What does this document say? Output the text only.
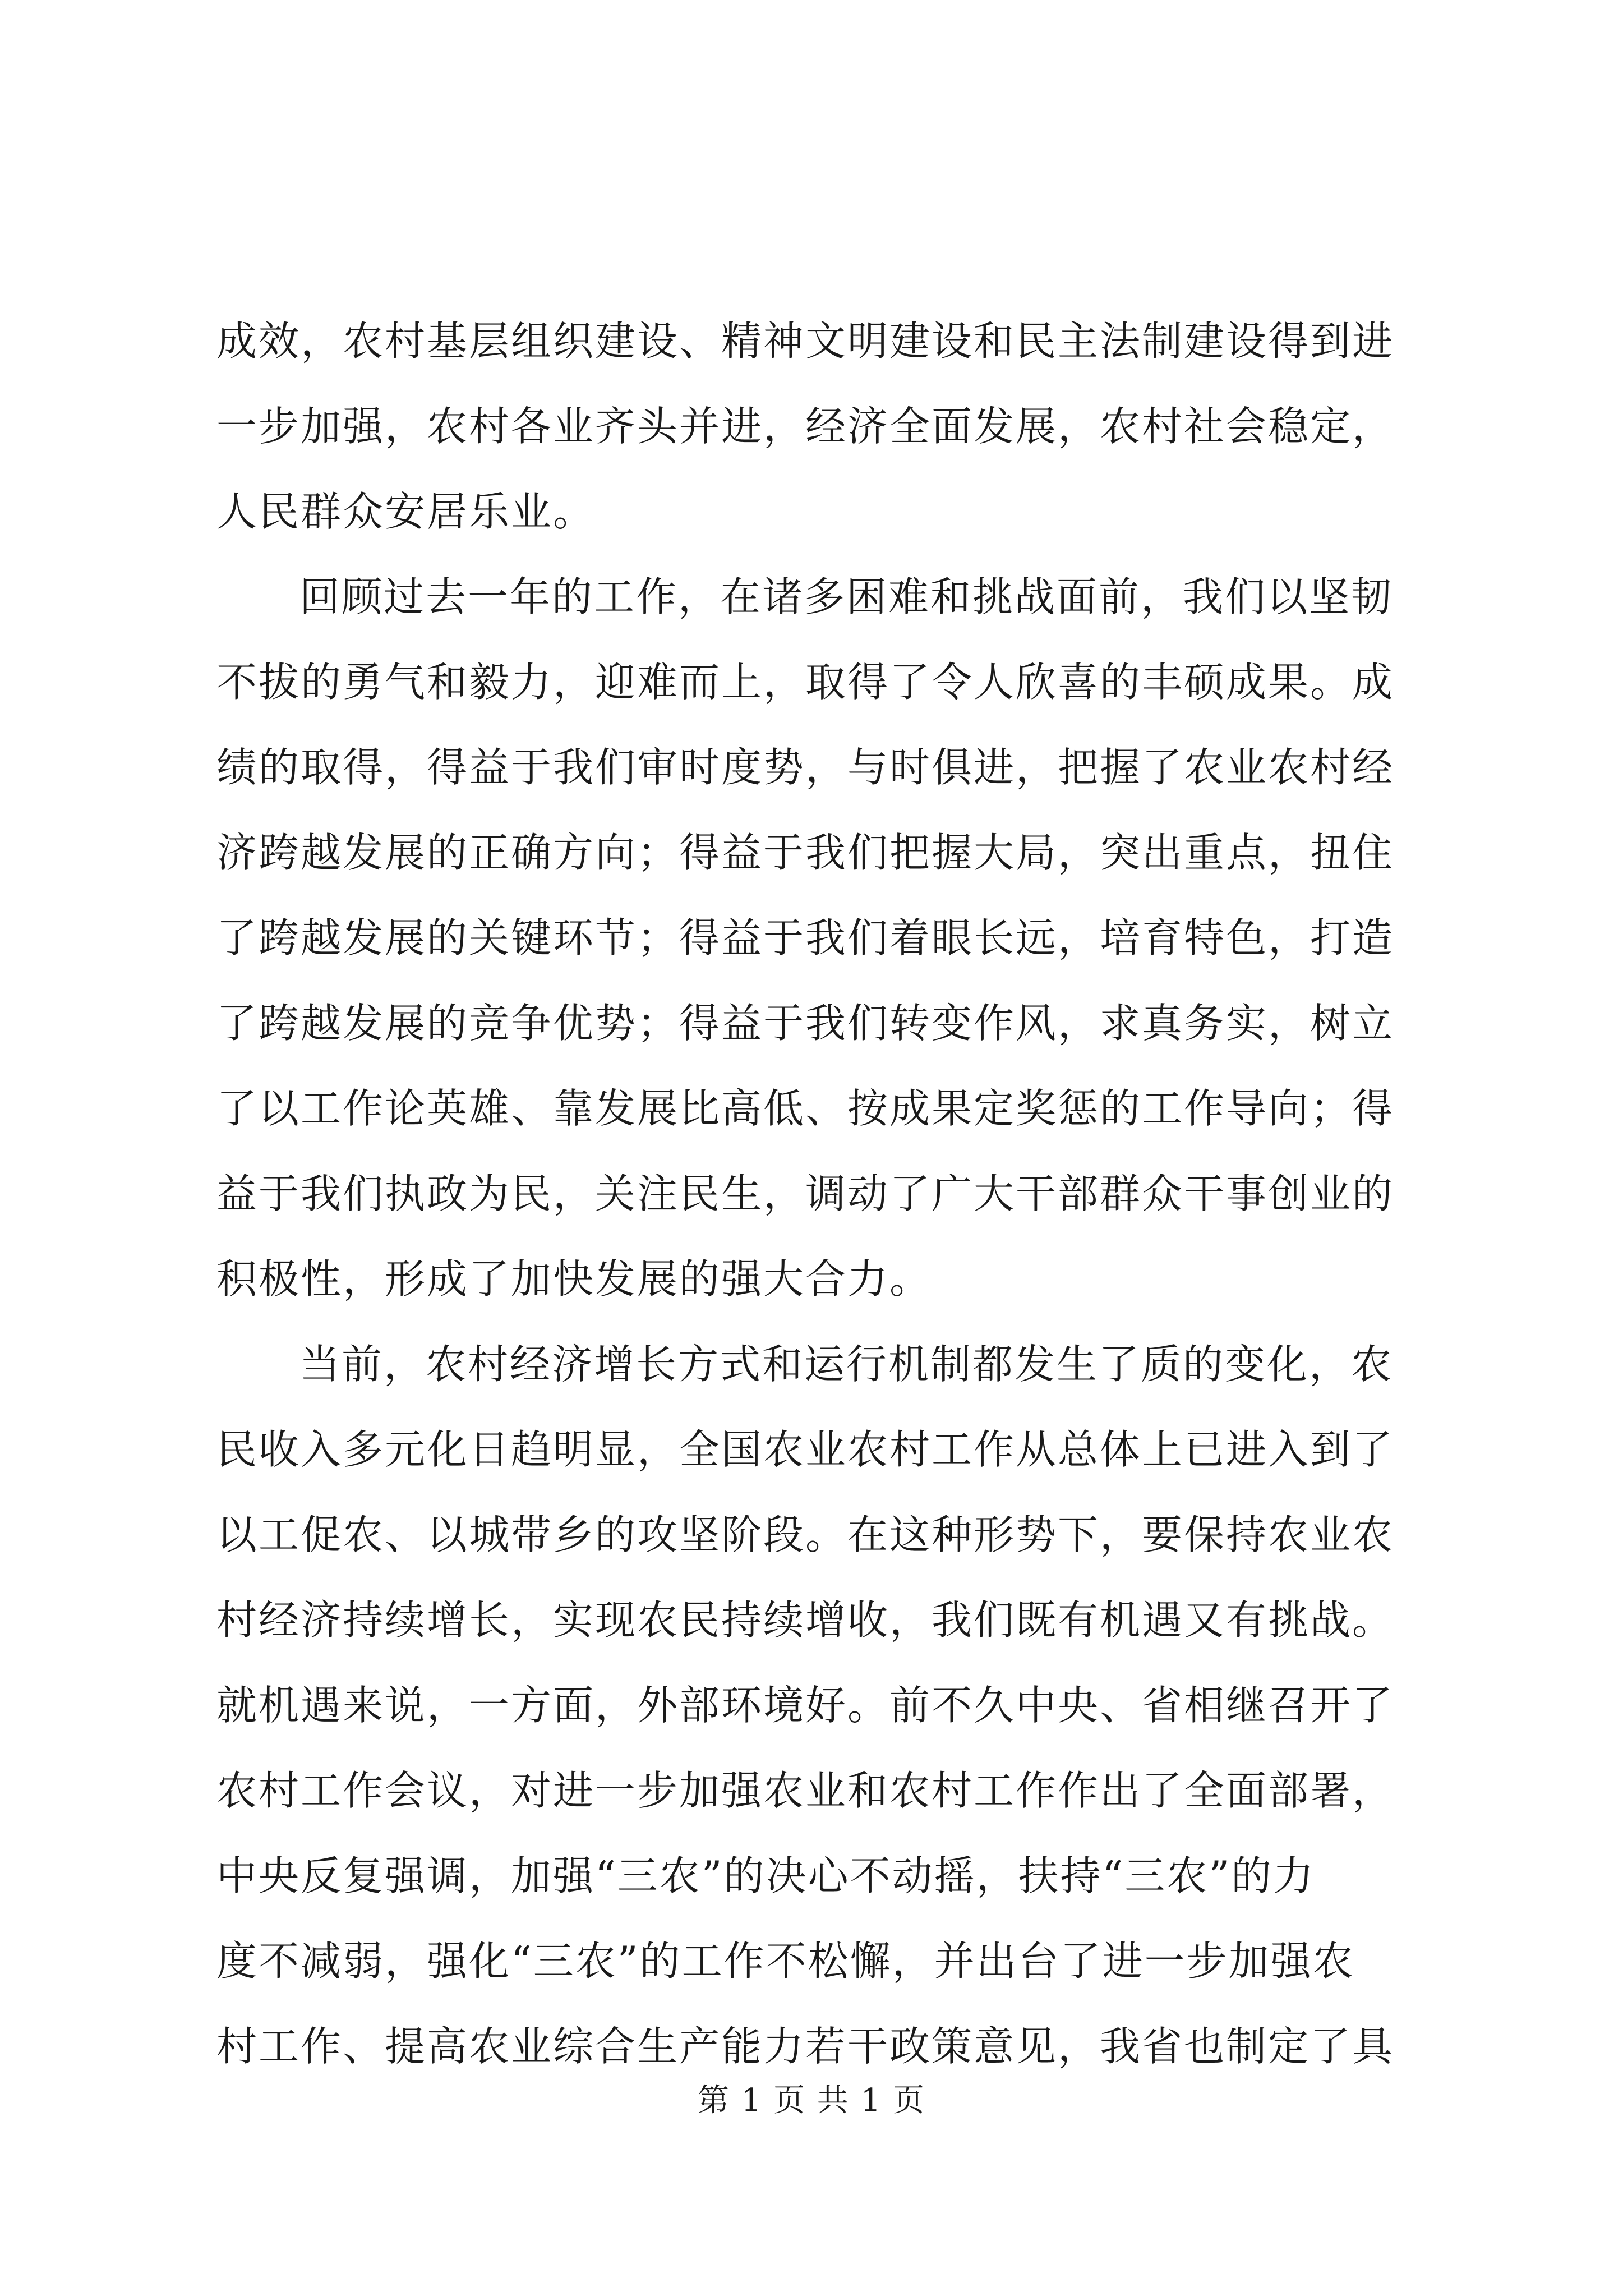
成效，农村基层组织建设、精神文明建设和民主法制建设得到进
一步加强，农村各业齐头并进，经济全面发展，农村社会稳定，
人民群众安居乐业。
回顾过去一年的工作，在诸多困难和挑战面前，我们以坚韧
不拔的勇气和毅力，迎难而上，取得了令人欣喜的丰硕成果。成
绩的取得，得益于我们审时度势，与时俱进，把握了农业农村经
济跨越发展的正确方向；得益于我们把握大局，突出重点，扭住
了跨越发展的关键环节；得益于我们着眼长远，培育特色，打造
了跨越发展的竞争优势；得益于我们转变作风，求真务实，树立
了以工作论英雄、靠发展比高低、按成果定奖惩的工作导向；得
益于我们执政为民，关注民生，调动了广大干部群众干事创业的
积极性，形成了加快发展的强大合力。
当前，农村经济增长方式和运行机制都发生了质的变化，农
民收入多元化日趋明显，全国农业农村工作从总体上已进入到了
以工促农、以城带乡的攻坚阶段。在这种形势下，要保持农业农
村经济持续增长，实现农民持续增收，我们既有机遇又有挑战。
就机遇来说，一方面，外部环境好。前不久中央、省相继召开了
农村工作会议，对进一步加强农业和农村工作作出了全面部署，
中央反复强调，加强“三农”的决心不动摇，扶持“三农”的力
度不减弱，强化“三农”的工作不松懈，并出台了进一步加强农
村工作、提高农业综合生产能力若干政策意见，我省也制定了具
第 1 页 共 1 页
